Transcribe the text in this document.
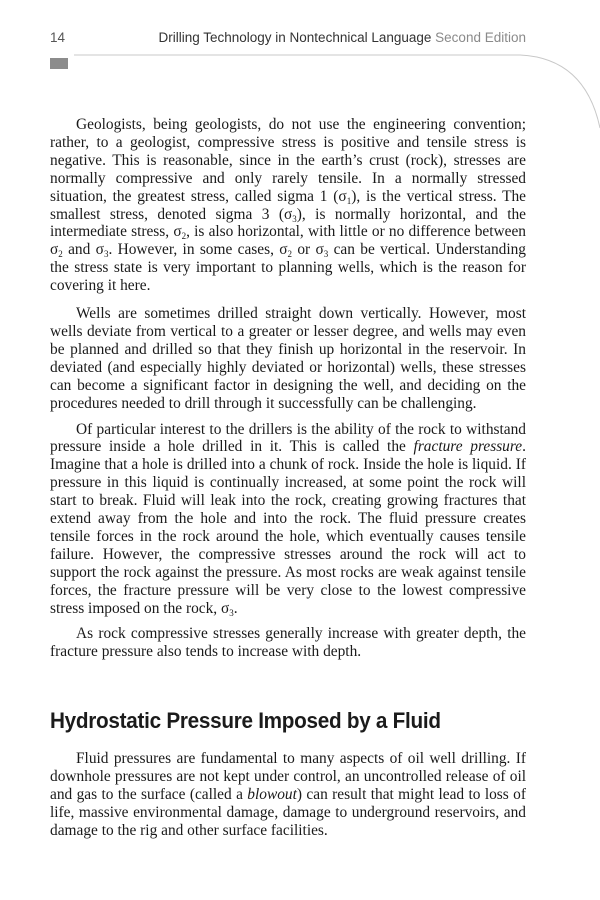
14	Drilling Technology in Nontechnical Language Second Edition

Geologists, being geologists, do not use the engineering convention; rather, to a geologist, compressive stress is positive and tensile stress is negative. This is reasonable, since in the earth’s crust (rock), stresses are normally compressive and only rarely tensile. In a normally stressed situation, the greatest stress, called sigma 1 $(\sigma_1)$, is the vertical stress. The smallest stress, denoted sigma 3 $(\sigma_3)$, is normally horizontal, and the intermediate stress, $\sigma_2$, is also horizontal, with little or no difference between $\sigma_2$ and $\sigma_3$. However, in some cases, $\sigma_2$ or $\sigma_3$ can be vertical. Understanding the stress state is very important to planning wells, which is the reason for covering it here.

Wells are sometimes drilled straight down vertically. However, most wells deviate from vertical to a greater or lesser degree, and wells may even be planned and drilled so that they finish up horizontal in the reservoir. In deviated (and especially highly deviated or horizontal) wells, these stresses can become a significant factor in designing the well, and deciding on the procedures needed to drill through it successfully can be challenging.

Of particular interest to the drillers is the ability of the rock to withstand pressure inside a hole drilled in it. This is called the fracture pressure. Imagine that a hole is drilled into a chunk of rock. Inside the hole is liquid. If pressure in this liquid is continually increased, at some point the rock will start to break. Fluid will leak into the rock, creating growing fractures that extend away from the hole and into the rock. The fluid pressure creates tensile forces in the rock around the hole, which eventually causes tensile failure. However, the compressive stresses around the rock will act to support the rock against the pressure. As most rocks are weak against tensile forces, the fracture pressure will be very close to the lowest compressive stress imposed on the rock, $\sigma_3$.

As rock compressive stresses generally increase with greater depth, the fracture pressure also tends to increase with depth.

Hydrostatic Pressure Imposed by a Fluid

Fluid pressures are fundamental to many aspects of oil well drilling. If downhole pressures are not kept under control, an uncontrolled release of oil and gas to the surface (called a blowout) can result that might lead to loss of life, massive environmental damage, damage to underground reservoirs, and damage to the rig and other surface facilities.
